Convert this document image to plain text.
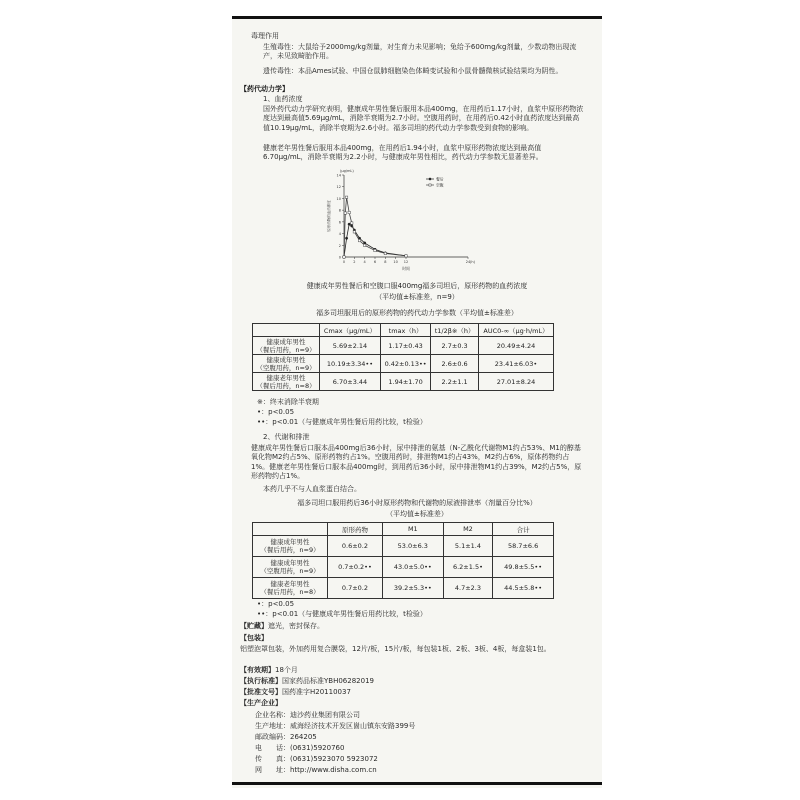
毒理作用
生殖毒性：大鼠给予2000mg/kg剂量，对生育力未见影响；兔给予600mg/kg剂量，少数动物出现流产，未见致畸胎作用。
遗传毒性：本品Ames试验、中国仓鼠肺细胞染色体畸变试验和小鼠骨髓微核试验结果均为阴性。
【药代动力学】
1、血药浓度
国外药代动力学研究表明，健康成年男性餐后服用本品400mg，在用药后1.17小时，血浆中原形药物浓度达到最高值5.69μg/mL，消除半衰期为2.7小时。空腹用药时，在用药后0.42小时血药浓度达到最高值10.19μg/mL，消除半衰期为2.6小时。福多司坦的药代动力学参数受到食物的影响。
健康老年男性餐后服用本品400mg，在用药后1.94小时，血浆中原形药物浓度达到最高值6.70μg/mL，消除半衰期为2.2小时，与健康成年男性相比，药代动力学参数无显著差异。
0
2
4
6
8
10
12
14
0 2 4 6 8 10 12	24
原形药物的血药浓度
(μg/mL)
时间
(h)
餐后
空腹
健康成年男性餐后和空腹口服400mg福多司坦后，原形药物的血药浓度
（平均值±标准差，n=9）
福多司坦服用后的原形药物的药代动力学参数（平均值±标准差）
	Cmax（μg/mL）	tmax（h）	t1/2β※（h）	AUC0-∞（μg·h/mL）
健康成年男性
（餐后用药，n=9）	5.69±2.14	1.17±0.43	2.7±0.3	20.49±4.24
健康成年男性
（空腹用药，n=9）	10.19±3.34••	0.42±0.13••	2.6±0.6	23.41±6.03•
健康老年男性
（餐后用药，n=8）	6.70±3.44	1.94±1.70	2.2±1.1	27.01±8.24
※：终末消除半衰期
•：p<0.05
••：p<0.01（与健康成年男性餐后用药比较，t检验）
2、代谢和排泄
健康成年男性餐后口服本品400mg后36小时，尿中排泄的氨基（N-乙酰化代谢物M1约占53%、M1的醇基氧化物M2约占5%、原形药物约占1%。空腹用药时，排泄物M1约占43%，M2约占6%，原体药物约占1%。健康老年男性餐后口服本品400mg时，到用药后36小时，尿中排泄物M1约占39%，M2约占5%，原形药物约占1%。
本药几乎不与人血浆蛋白结合。
福多司坦口服用药后36小时原形药物和代谢物的尿液排泄率（剂量百分比%）
（平均值±标准差）
	原形药物	M1	M2	合计
健康成年男性
（餐后用药，n=9）	0.6±0.2	53.0±6.3	5.1±1.4	58.7±6.6
健康成年男性
（空腹用药，n=9）	0.7±0.2••	43.0±5.0••	6.2±1.5•	49.8±5.5••
健康老年男性
（餐后用药，n=8）	0.7±0.2	39.2±5.3••	4.7±2.3	44.5±5.8••
•：p<0.05
••：p<0.01（与健康成年男性餐后用药比较，t检验）
【贮藏】遮光，密封保存。
【包装】
铝塑泡罩包装，外加药用复合膜袋，12片/板，15片/板，每包装1板、2板、3板、4板，每盒装1包。
【有效期】18个月
【执行标准】国家药品标准YBH06282019
【批准文号】国药准字H20110037
【生产企业】
企业名称：迪沙药业集团有限公司
生产地址：威海经济技术开发区崮山镇东安路399号
邮政编码：264205
电　　话：(0631)5920760
传　　真：(0631)5923070 5923072
网　　址：http://www.disha.com.cn
